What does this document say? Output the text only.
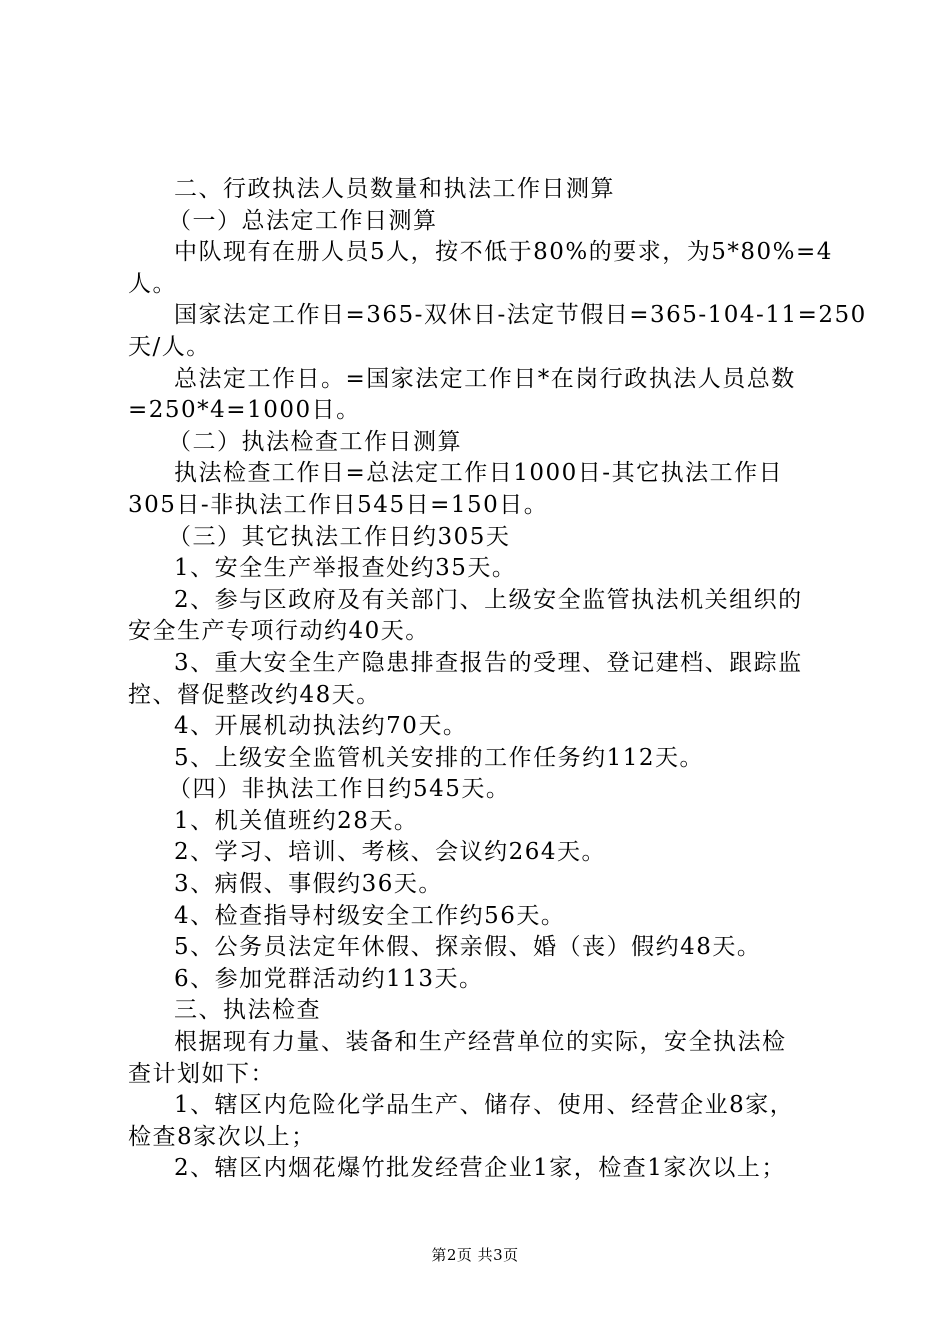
二、行政执法人员数量和执法工作日测算
（一）总法定工作日测算
中队现有在册人员5人，按不低于80%的要求，为5*80%=4
人。
国家法定工作日=365-双休日-法定节假日=365-104-11=250
天/人。
总法定工作日。=国家法定工作日*在岗行政执法人员总数
=250*4=1000日。
（二）执法检查工作日测算
执法检查工作日=总法定工作日1000日-其它执法工作日
305日-非执法工作日545日=150日。
（三）其它执法工作日约305天
1、安全生产举报查处约35天。
2、参与区政府及有关部门、上级安全监管执法机关组织的
安全生产专项行动约40天。
3、重大安全生产隐患排查报告的受理、登记建档、跟踪监
控、督促整改约48天。
4、开展机动执法约70天。
5、上级安全监管机关安排的工作任务约112天。
（四）非执法工作日约545天。
1、机关值班约28天。
2、学习、培训、考核、会议约264天。
3、病假、事假约36天。
4、检查指导村级安全工作约56天。
5、公务员法定年休假、探亲假、婚（丧）假约48天。
6、参加党群活动约113天。
三、执法检查
根据现有力量、装备和生产经营单位的实际，安全执法检
查计划如下：
1、辖区内危险化学品生产、储存、使用、经营企业8家，
检查8家次以上；
2、辖区内烟花爆竹批发经营企业1家，检查1家次以上；
第2页 共3页
